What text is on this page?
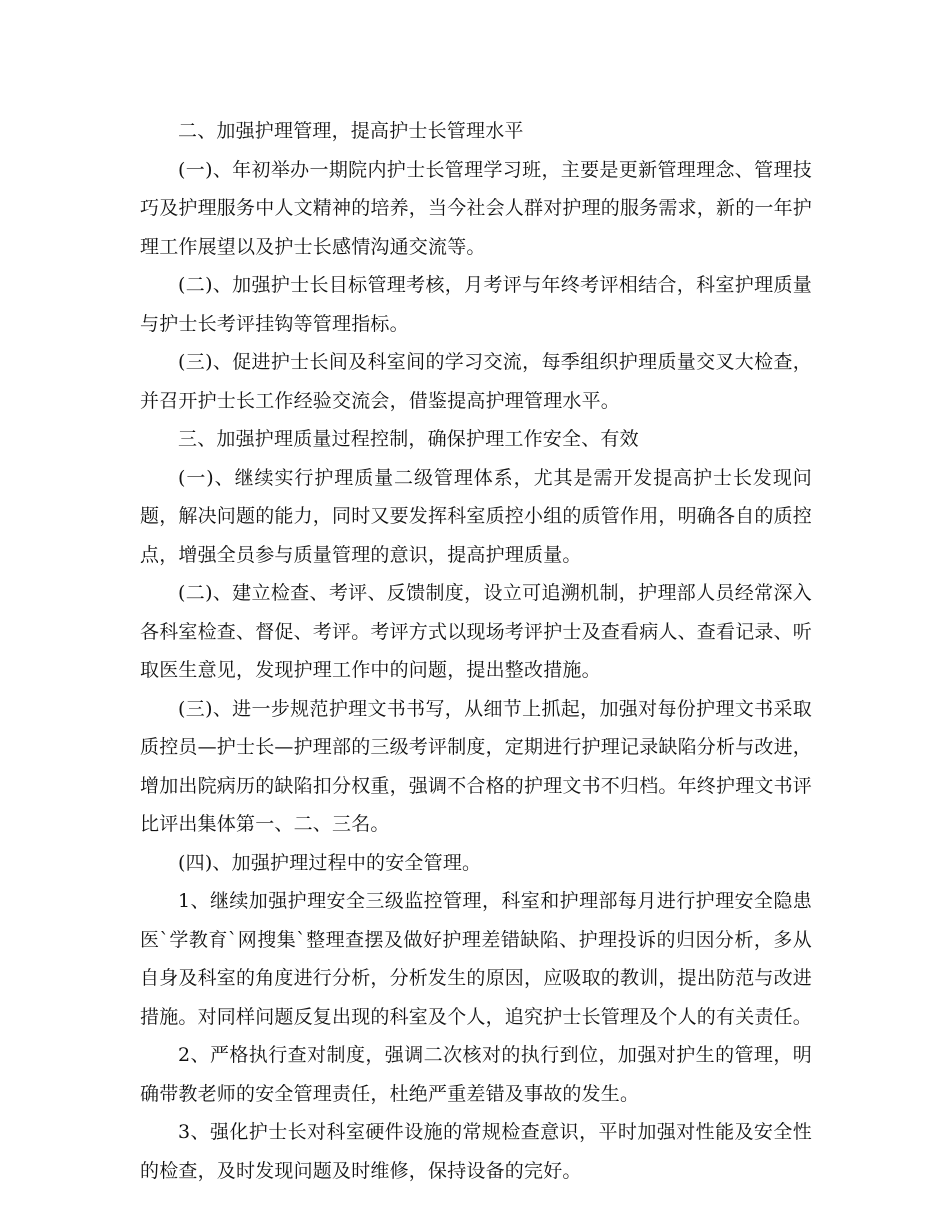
二、加强护理管理，提高护士长管理水平

(一)、年初举办一期院内护士长管理学习班，主要是更新管理理念、管理技巧及护理服务中人文精神的培养，当今社会人群对护理的服务需求，新的一年护理工作展望以及护士长感情沟通交流等。

(二)、加强护士长目标管理考核，月考评与年终考评相结合，科室护理质量与护士长考评挂钩等管理指标。

(三)、促进护士长间及科室间的学习交流，每季组织护理质量交叉大检查，并召开护士长工作经验交流会，借鉴提高护理管理水平。

三、加强护理质量过程控制，确保护理工作安全、有效

(一)、继续实行护理质量二级管理体系，尤其是需开发提高护士长发现问题，解决问题的能力，同时又要发挥科室质控小组的质管作用，明确各自的质控点，增强全员参与质量管理的意识，提高护理质量。

(二)、建立检查、考评、反馈制度，设立可追溯机制，护理部人员经常深入各科室检查、督促、考评。考评方式以现场考评护士及查看病人、查看记录、听取医生意见，发现护理工作中的问题，提出整改措施。

(三)、进一步规范护理文书书写，从细节上抓起，加强对每份护理文书采取质控员—护士长—护理部的三级考评制度，定期进行护理记录缺陷分析与改进，增加出院病历的缺陷扣分权重，强调不合格的护理文书不归档。年终护理文书评比评出集体第一、二、三名。

(四)、加强护理过程中的安全管理。

1、继续加强护理安全三级监控管理，科室和护理部每月进行护理安全隐患医`学教育`网搜集`整理查摆及做好护理差错缺陷、护理投诉的归因分析，多从自身及科室的角度进行分析，分析发生的原因，应吸取的教训，提出防范与改进措施。对同样问题反复出现的科室及个人，追究护士长管理及个人的有关责任。

2、严格执行查对制度，强调二次核对的执行到位，加强对护生的管理，明确带教老师的安全管理责任，杜绝严重差错及事故的发生。

3、强化护士长对科室硬件设施的常规检查意识，平时加强对性能及安全性的检查，及时发现问题及时维修，保持设备的完好。
